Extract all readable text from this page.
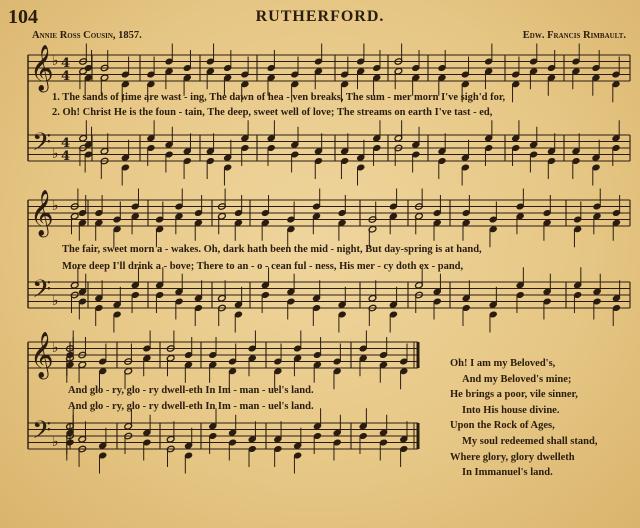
104	RUTHERFORD.
Annie Ross Cousin, 1857.	Edw. Francis Rimbault.
𝄞
𝄢
♭
♭
4
4
4
4
𝄞
𝄢
♭
♭
𝄞
𝄢
♭
♭
1. The sands of time are wast - ing, The dawn of hea - ven breaks, The sum - mer morn I've sigh'd for,
2. Oh! Christ He is the foun - tain, The deep, sweet well of love; The streams on earth I've tast - ed,
The fair, sweet morn a - wakes. Oh, dark hath been the mid - night, But day-spring is at hand,
More deep I'll drink a - bove; There to an - o - cean ful - ness, His mer - cy doth ex - pand,
And glo - ry, glo - ry dwell-eth In Im - man - uel's land.
And glo - ry, glo - ry dwell-eth In Im - man - uel's land.
Oh! I am my Beloved's,
And my Beloved's mine;
He brings a poor, vile sinner,
Into His house divine.
Upon the Rock of Ages,
My soul redeemed shall stand,
Where glory, glory dwelleth
In Immanuel's land.
